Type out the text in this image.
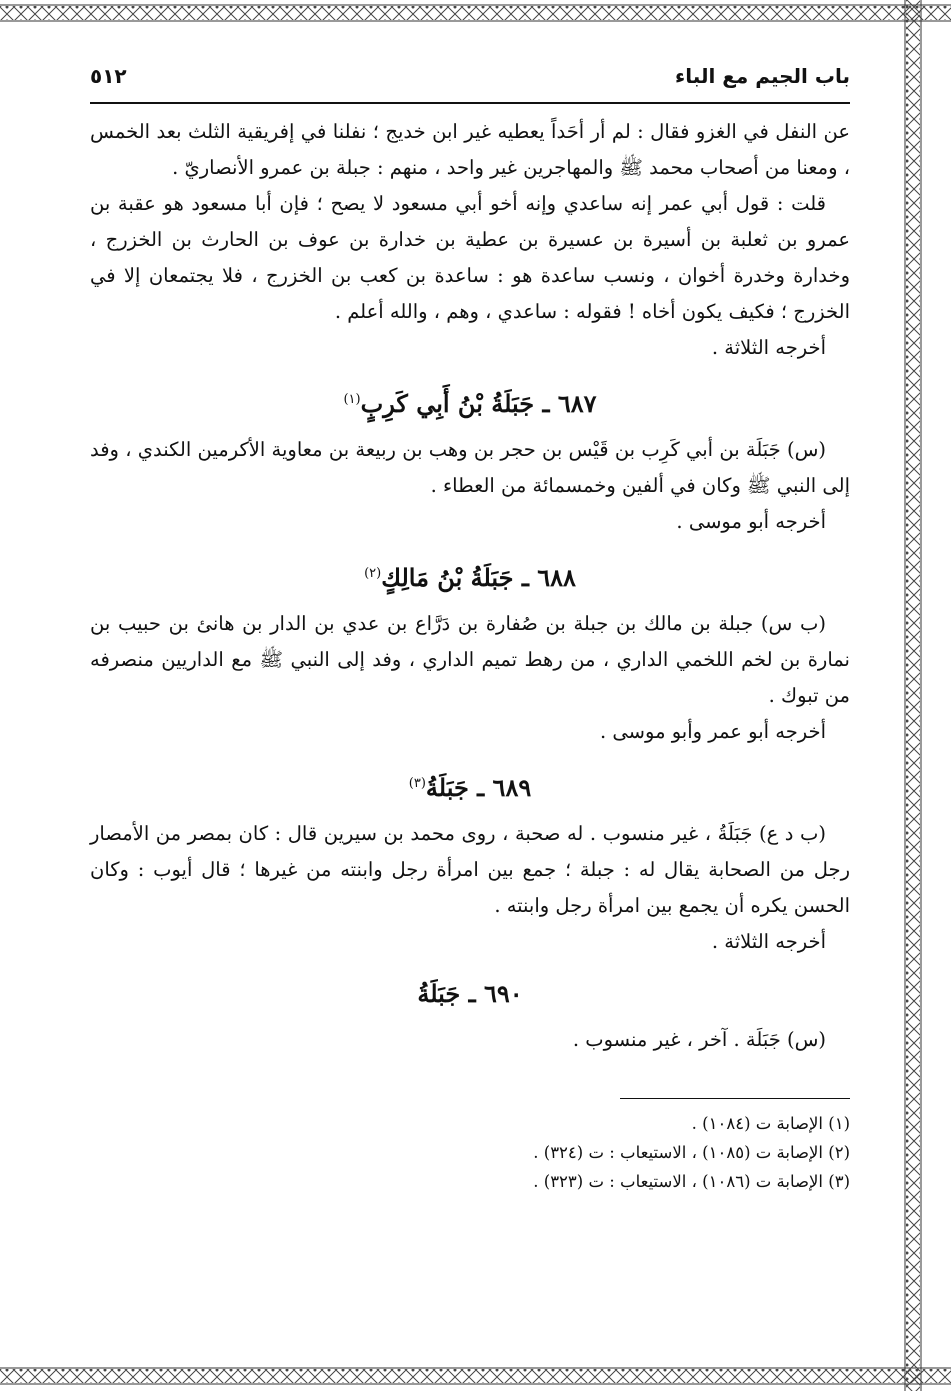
باب الجيم مع الباء
٥١٢

عن النفل في الغزو فقال : لم أر أحَداً يعطيه غير ابن خديج ؛ نفلنا في إفريقية الثلث بعد الخمس ، ومعنا من أصحاب محمد ﷺ والمهاجرين غير واحد ، منهم : جبلة بن عمرو الأنصاريّ .

قلت : قول أبي عمر إنه ساعدي وإنه أخو أبي مسعود لا يصح ؛ فإن أبا مسعود هو عقبة بن عمرو بن ثعلبة بن أسيرة بن عسيرة بن عطية بن خدارة بن عوف بن الحارث بن الخزرج ، وخدارة وخدرة أخوان ، ونسب ساعدة هو : ساعدة بن كعب بن الخزرج ، فلا يجتمعان إلا في الخزرج ؛ فكيف يكون أخاه ! فقوله : ساعدي ، وهم ، والله أعلم .

أخرجه الثلاثة .

٦٨٧ ـ جَبَلَةُ بْنُ أَبِي كَرِبٍ$^{(١)}$

(س) جَبَلَة بن أبي كَرِب بن قَيْس بن حجر بن وهب بن ربيعة بن معاوية الأكرمين الكندي ، وفد إلى النبي ﷺ وكان في ألفين وخمسمائة من العطاء .

أخرجه أبو موسى .

٦٨٨ ـ جَبَلَةُ بْنُ مَالِكٍ$^{(٢)}$

(ب س) جبلة بن مالك بن جبلة بن صُفارة بن دَرَّاع بن عدي بن الدار بن هانئ بن حبيب بن نمارة بن لخم اللخمي الداري ، من رهط تميم الداري ، وفد إلى النبي ﷺ مع الداريين منصرفه من تبوك .

أخرجه أبو عمر وأبو موسى .

٦٨٩ ـ جَبَلَةُ$^{(٣)}$

(ب د ع) جَبَلَةُ ، غير منسوب . له صحبة ، روى محمد بن سيرين قال : كان بمصر من الأمصار رجل من الصحابة يقال له : جبلة ؛ جمع بين امرأة رجل وابنته من غيرها ؛ قال أيوب : وكان الحسن يكره أن يجمع بين امرأة رجل وابنته .

أخرجه الثلاثة .

٦٩٠ ـ جَبَلَةُ

(س) جَبَلَة . آخر ، غير منسوب .

(١) الإصابة ت (١٠٨٤) .
(٢) الإصابة ت (١٠٨٥) ، الاستيعاب : ت (٣٢٤) .
(٣) الإصابة ت (١٠٨٦) ، الاستيعاب : ت (٣٢٣) .
